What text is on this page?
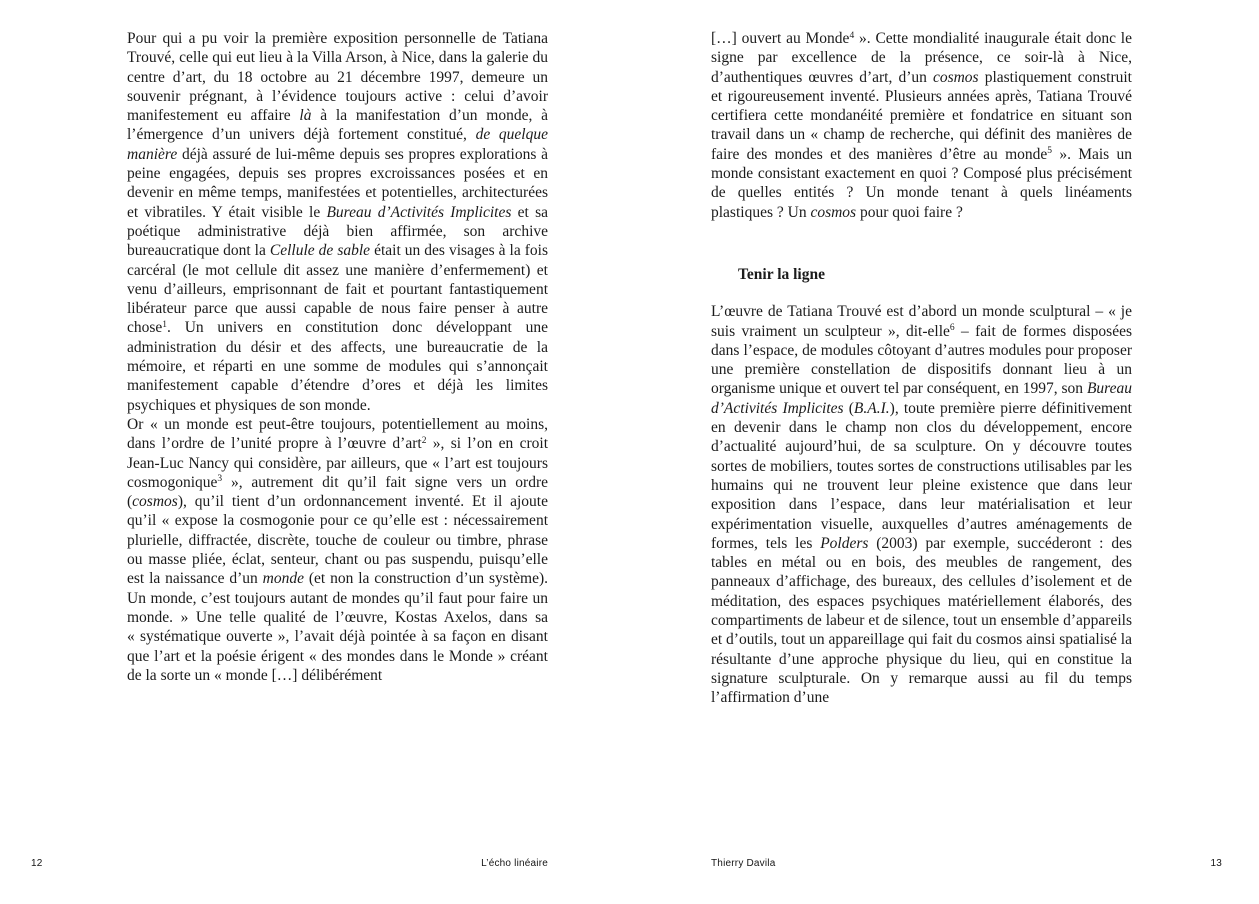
Pour qui a pu voir la première exposition personnelle de Tatiana Trouvé, celle qui eut lieu à la Villa Arson, à Nice, dans la galerie du centre d’art, du 18 octobre au 21 décembre 1997, demeure un souvenir prégnant, à l’évidence toujours active : celui d’avoir manifestement eu affaire là à la manifestation d’un monde, à l’émergence d’un univers déjà fortement constitué, de quelque manière déjà assuré de lui-même depuis ses propres explorations à peine engagées, depuis ses propres excroissances posées et en devenir en même temps, manifestées et potentielles, architecturées et vibratiles. Y était visible le Bureau d’Activités Implicites et sa poétique administrative déjà bien affirmée, son archive bureaucratique dont la Cellule de sable était un des visages à la fois carcéral (le mot cellule dit assez une manière d’enfermement) et venu d’ailleurs, emprisonnant de fait et pourtant fantastiquement libérateur parce que aussi capable de nous faire penser à autre chose$^1$. Un univers en constitution donc développant une administration du désir et des affects, une bureaucratie de la mémoire, et réparti en une somme de modules qui s’annonçait manifestement capable d’étendre d’ores et déjà les limites psychiques et physiques de son monde.

Or « un monde est peut-être toujours, potentiellement au moins, dans l’ordre de l’unité propre à l’œuvre d’art$^2$ », si l’on en croit Jean-Luc Nancy qui considère, par ailleurs, que « l’art est toujours cosmogonique$^3$ », autrement dit qu’il fait signe vers un ordre (cosmos), qu’il tient d’un ordonnancement inventé. Et il ajoute qu’il « expose la cosmogonie pour ce qu’elle est : nécessairement plurielle, diffractée, discrète, touche de couleur ou timbre, phrase ou masse pliée, éclat, senteur, chant ou pas suspendu, puisqu’elle est la naissance d’un monde (et non la construction d’un système). Un monde, c’est toujours autant de mondes qu’il faut pour faire un monde. » Une telle qualité de l’œuvre, Kostas Axelos, dans sa « systématique ouverte », l’avait déjà pointée à sa façon en disant que l’art et la poésie érigent « des mondes dans le Monde » créant de la sorte un « monde […] délibérément

12	L’écho linéaire

[…] ouvert au Monde$^4$ ». Cette mondialité inaugurale était donc le signe par excellence de la présence, ce soir-là à Nice, d’authentiques œuvres d’art, d’un cosmos plastiquement construit et rigoureusement inventé. Plusieurs années après, Tatiana Trouvé certifiera cette mondanéité première et fondatrice en situant son travail dans un « champ de recherche, qui définit des manières de faire des mondes et des manières d’être au monde$^5$ ». Mais un monde consistant exactement en quoi ? Composé plus précisément de quelles entités ? Un monde tenant à quels linéaments plastiques ? Un cosmos pour quoi faire ?

Tenir la ligne

L’œuvre de Tatiana Trouvé est d’abord un monde sculptural – « je suis vraiment un sculpteur », dit-elle$^6$ – fait de formes disposées dans l’espace, de modules côtoyant d’autres modules pour proposer une première constellation de dispositifs donnant lieu à un organisme unique et ouvert tel par conséquent, en 1997, son Bureau d’Activités Implicites (B.A.I.), toute première pierre définitivement en devenir dans le champ non clos du développement, encore d’actualité aujourd’hui, de sa sculpture. On y découvre toutes sortes de mobiliers, toutes sortes de constructions utilisables par les humains qui ne trouvent leur pleine existence que dans leur exposition dans l’espace, dans leur matérialisation et leur expérimentation visuelle, auxquelles d’autres aménagements de formes, tels les Polders (2003) par exemple, succéderont : des tables en métal ou en bois, des meubles de rangement, des panneaux d’affichage, des bureaux, des cellules d’isolement et de méditation, des espaces psychiques matériellement élaborés, des compartiments de labeur et de silence, tout un ensemble d’appareils et d’outils, tout un appareillage qui fait du cosmos ainsi spatialisé la résultante d’une approche physique du lieu, qui en constitue la signature sculpturale. On y remarque aussi au fil du temps l’affirmation d’une

13
Thierry Davila
